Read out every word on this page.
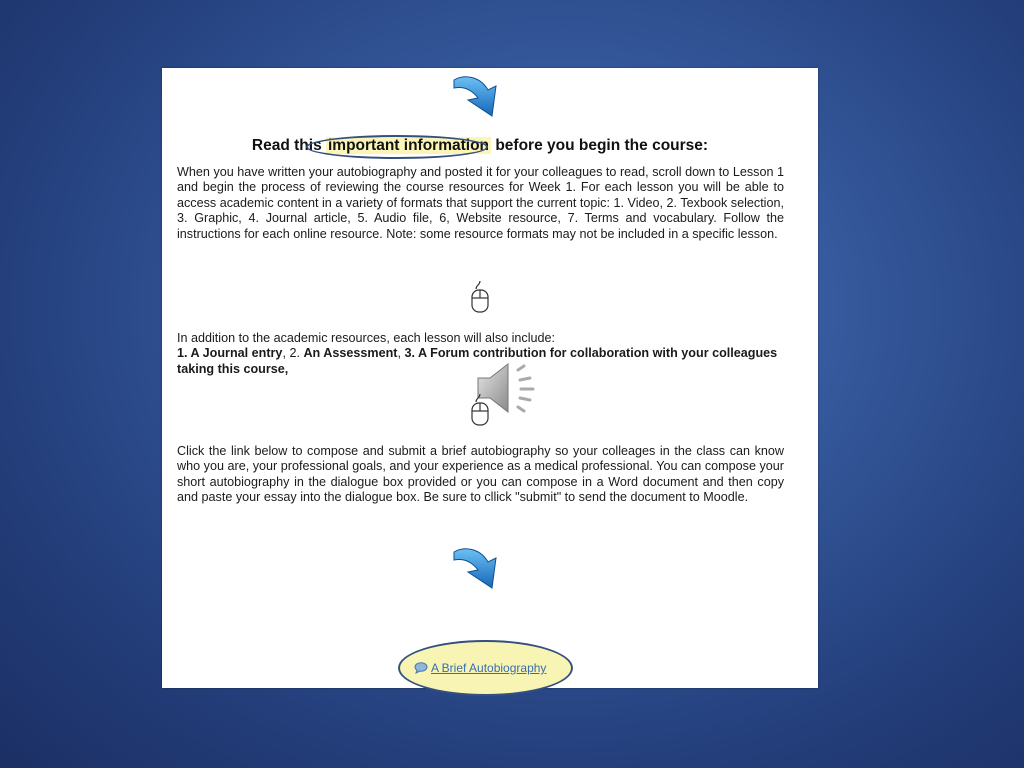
Read this important information before you begin the course:

When you have written your autobiography and posted it for your colleagues to read, scroll down to Lesson 1 and begin the process of reviewing the course resources for Week 1. For each lesson you will be able to access academic content in a variety of formats that support the current topic: 1. Video, 2. Texbook selection, 3. Graphic, 4. Journal article, 5. Audio file, 6, Website resource, 7. Terms and vocabulary. Follow the instructions for each online resource. Note: some resource formats may not be included in a specific lesson.

In addition to the academic resources, each lesson will also include:
1. A Journal entry, 2. An Assessment, 3. A Forum contribution for collaboration with your colleagues taking this course,

Click the link below to compose and submit a brief autobiography so your colleages in the class can know who you are, your professional goals, and your experience as a medical professional. You can compose your short autobiography in the dialogue box provided or you can compose in a Word document and then copy and paste your essay into the dialogue box. Be sure to cllick "submit" to send the document to Moodle.

A Brief Autobiography
